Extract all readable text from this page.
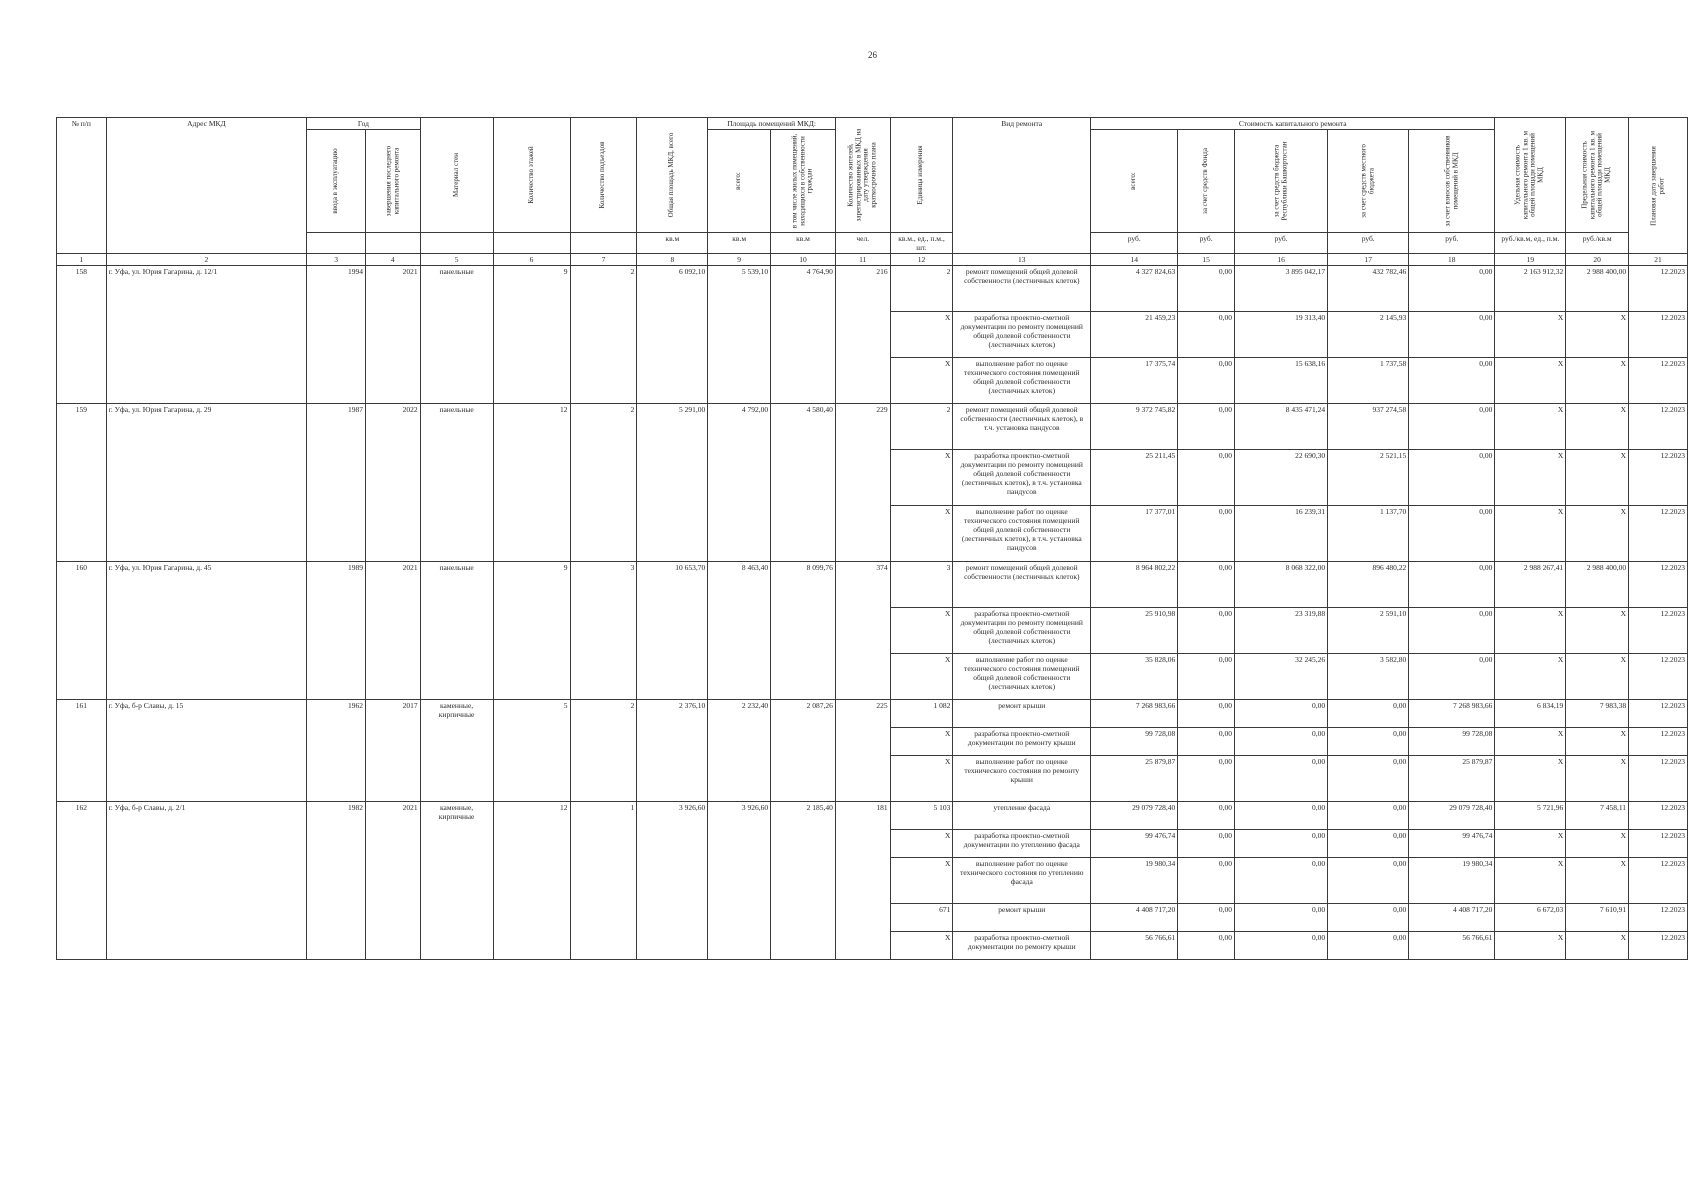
26
№ п/п	Адрес МКД	Год		Материал стен	Количество этажей	Количество подъездов	Общая площадь МКД, всего	Площадь помещений МКД:		Количество жителей, зарегистрированных в МКД на дату утверждения краткосрочного плана	Единица измерения	Вид ремонта	Стоимость капитального ремонта					Удельная стоимость капитального ремонта 1 кв. м общей площади помещений МКД	Предельная стоимость капитального ремонта 1 кв. м общей площади помещений МКД	Плановая дата завершения работ

		ввода в эксплуатацию	завершения последнего капитального ремонта					всего:	в том числе жилых помещений, находящихся в собственности граждан				всего:	за счет средств Фонда	за счет средств бюджета Республики Башкортостан	за счет средств местного бюджета	за счет взносов собственников помещений в МКД			

							кв.м	кв.м	кв.м	чел.	кв.м., ед., п.м., шт.		руб.	руб.	руб.	руб.	руб.	руб./кв.м, ед., п.м.	руб./кв.м	
1	2	3	4	5	6	7	8	9	10	11	12	13	14	15	16	17	18	19	20	21
158	г. Уфа, ул. Юрия Гагарина, д. 12/1	1994	2021	панельные	9	2	6 092,10	5 539,10	4 764,90	216	2	ремонт помещений общей долевой собственности (лестничных клеток)	4 327 824,63	0,00	3 895 042,17	432 782,46	0,00	2 163 912,32	2 988 400,00	12.2023
											X	разработка проектно-сметной документации по ремонту помещений общей долевой собственности (лестничных клеток)	21 459,23	0,00	19 313,40	2 145,93	0,00	X	X	12.2023
											X	выполнение работ по оценке технического состояния помещений общей долевой собственности (лестничных клеток)	17 375,74	0,00	15 638,16	1 737,58	0,00	X	X	12.2023
159	г. Уфа, ул. Юрия Гагарина, д. 29	1987	2022	панельные	12	2	5 291,00	4 792,00	4 580,40	229	2	ремонт помещений общей долевой собственности (лестничных клеток), в т.ч. установка пандусов	9 372 745,82	0,00	8 435 471,24	937 274,58	0,00	X	X	12.2023
											X	разработка проектно-сметной документации по ремонту помещений общей долевой собственности (лестничных клеток), в т.ч. установка пандусов	25 211,45	0,00	22 690,30	2 521,15	0,00	X	X	12.2023
											X	выполнение работ по оценке технического состояния помещений общей долевой собственности (лестничных клеток), в т.ч. установка пандусов	17 377,01	0,00	16 239,31	1 137,70	0,00	X	X	12.2023
160	г. Уфа, ул. Юрия Гагарина, д. 45	1989	2021	панельные	9	3	10 653,70	8 463,40	8 099,76	374	3	ремонт помещений общей долевой собственности (лестничных клеток)	8 964 802,22	0,00	8 068 322,00	896 480,22	0,00	2 988 267,41	2 988 400,00	12.2023
											X	разработка проектно-сметной документации по ремонту помещений общей долевой собственности (лестничных клеток)	25 910,98	0,00	23 319,88	2 591,10	0,00	X	X	12.2023
											X	выполнение работ по оценке технического состояния помещений общей долевой собственности (лестничных клеток)	35 828,06	0,00	32 245,26	3 582,80	0,00	X	X	12.2023
161	г. Уфа, б-р Славы, д. 15	1962	2017	каменные, кирпичные	5	2	2 376,10	2 232,40	2 087,26	225	1 082	ремонт крыши	7 268 983,66	0,00	0,00	0,00	7 268 983,66	6 834,19	7 983,38	12.2023
											X	разработка проектно-сметной документации по ремонту крыши	99 728,08	0,00	0,00	0,00	99 728,08	X	X	12.2023
											X	выполнение работ по оценке технического состояния по ремонту крыши	25 879,87	0,00	0,00	0,00	25 879,87	X	X	12.2023
162	г. Уфа, б-р Славы, д. 2/1	1982	2021	каменные, кирпичные	12	1	3 926,60	3 926,60	2 185,40	181	5 103	утепление фасада	29 079 728,40	0,00	0,00	0,00	29 079 728,40	5 721,96	7 458,11	12.2023
											X	разработка проектно-сметной документации по утеплению фасада	99 476,74	0,00	0,00	0,00	99 476,74	X	X	12.2023
											X	выполнение работ по оценке технического состояния по утеплению фасада	19 980,34	0,00	0,00	0,00	19 980,34	X	X	12.2023
											671	ремонт крыши	4 408 717,20	0,00	0,00	0,00	4 408 717,20	6 672,03	7 610,91	12.2023
											X	разработка проектно-сметной документации по ремонту крыши	56 766,61	0,00	0,00	0,00	56 766,61	X	X	12.2023
